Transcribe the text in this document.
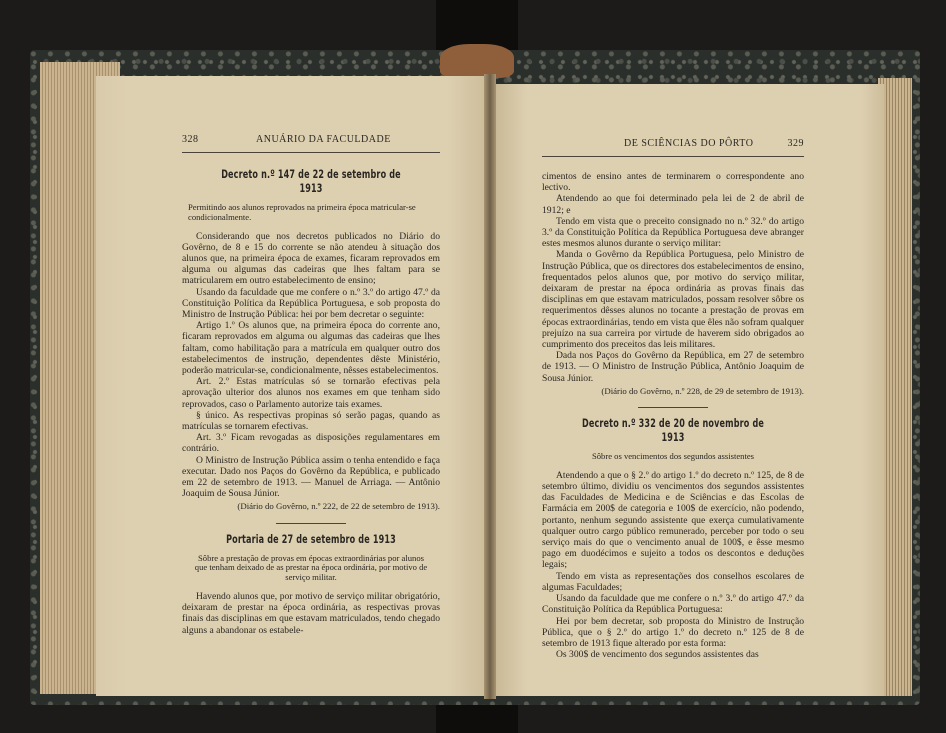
328	ANUÁRIO DA FACULDADE
Decreto n.º 147 de 22 de setembro de 1913

Permitindo aos alunos reprovados na primeira época matricular-se condicionalmente.

Considerando que nos decretos publicados no Diário do Govêrno, de 8 e 15 do corrente se não atendeu à situação dos alunos que, na primeira época de exames, ficaram reprovados em alguma ou algumas das cadeiras que lhes faltam para se matricularem em outro estabelecimento de ensino;

Usando da faculdade que me confere o n.º 3.º do artigo 47.º da Constituição Política da República Portuguesa, e sob proposta do Ministro de Instrução Pública: hei por bem decretar o seguinte:

Artigo 1.º Os alunos que, na primeira época do corrente ano, ficaram reprovados em alguma ou algumas das cadeiras que lhes faltam, como habilitação para a matrícula em qualquer outro dos estabelecimentos de instrução, dependentes dêste Ministério, poderão matricular-se, condicionalmente, nêsses estabelecimentos.

Art. 2.º Estas matrículas só se tornarão efectivas pela aprovação ulterior dos alunos nos exames em que tenham sido reprovados, caso o Parlamento autorize tais exames.

§ único. As respectivas propinas só serão pagas, quando as matrículas se tornarem efectivas.

Art. 3.º Ficam revogadas as disposições regulamentares em contrário.

O Ministro de Instrução Pública assim o tenha entendido e faça executar. Dado nos Paços do Govêrno da República, e publicado em 22 de setembro de 1913. — Manuel de Arriaga. — Antônio Joaquim de Sousa Júnior.

(Diário do Govêrno, n.º 222, de 22 de setembro de 1913).

Portaria de 27 de setembro de 1913

Sôbre a prestação de provas em épocas extraordinárias por alunos que tenham deixado de as prestar na época ordinária, por motivo de serviço militar.

Havendo alunos que, por motivo de serviço militar obrigatório, deixaram de prestar na época ordinária, as respectivas provas finais das disciplinas em que estavam matriculados, tendo chegado alguns a abandonar os estabele-

DE SCIÊNCIAS DO PÔRTO	329

cimentos de ensino antes de terminarem o correspondente ano lectivo.

Atendendo ao que foi determinado pela lei de 2 de abril de 1912; e

Tendo em vista que o preceito consignado no n.º 32.º do artigo 3.º da Constituição Política da República Portuguesa deve abranger estes mesmos alunos durante o serviço militar:

Manda o Govêrno da República Portuguesa, pelo Ministro de Instrução Pública, que os directores dos estabelecimentos de ensino, frequentados pelos alunos que, por motivo do serviço militar, deixaram de prestar na época ordinária as provas finais das disciplinas em que estavam matriculados, possam resolver sôbre os requerimentos dêsses alunos no tocante a prestação de provas em épocas extraordinárias, tendo em vista que êles não sofram qualquer prejuízo na sua carreira por virtude de haverem sido obrigados ao cumprimento dos preceitos das leis militares.

Dada nos Paços do Govêrno da República, em 27 de setembro de 1913. — O Ministro de Instrução Pública, Antônio Joaquim de Sousa Júnior.

(Diário do Govêrno, n.º 228, de 29 de setembro de 1913).

Decreto n.º 332 de 20 de novembro de 1913

Sôbre os vencimentos dos segundos assistentes

Atendendo a que o § 2.º do artigo 1.º do decreto n.º 125, de 8 de setembro último, dividiu os vencimentos dos segundos assistentes das Faculdades de Medicina e de Sciências e das Escolas de Farmácia em 200$ de categoria e 100$ de exercício, não podendo, portanto, nenhum segundo assistente que exerça cumulativamente qualquer outro cargo público remunerado, perceber por todo o seu serviço mais do que o vencimento anual de 100$, e êsse mesmo pago em duodécimos e sujeito a todos os descontos e deduções legais;

Tendo em vista as representações dos conselhos escolares de algumas Faculdades;

Usando da faculdade que me confere o n.º 3.º do artigo 47.º da Constituição Política da República Portuguesa:

Hei por bem decretar, sob proposta do Ministro de Instrução Pública, que o § 2.º do artigo 1.º do decreto n.º 125 de 8 de setembro de 1913 fique alterado por esta forma:

Os 300$ de vencimento dos segundos assistentes das
